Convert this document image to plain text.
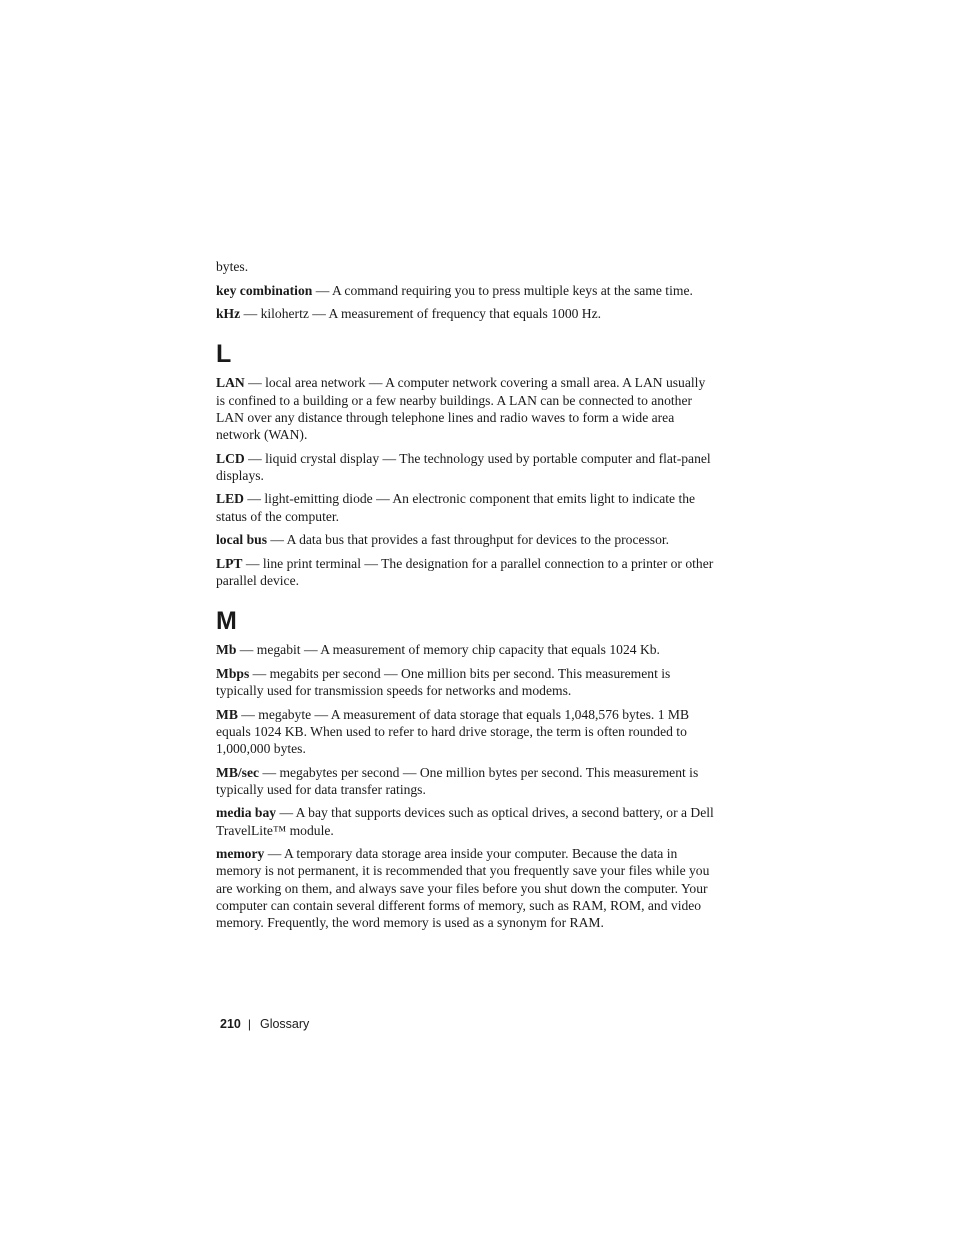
bytes.

key combination — A command requiring you to press multiple keys at the same time.

kHz — kilohertz — A measurement of frequency that equals 1000 Hz.

L

LAN — local area network — A computer network covering a small area. A LAN usually is confined to a building or a few nearby buildings. A LAN can be connected to another LAN over any distance through telephone lines and radio waves to form a wide area network (WAN).

LCD — liquid crystal display — The technology used by portable computer and flat-panel displays.

LED — light-emitting diode — An electronic component that emits light to indicate the status of the computer.

local bus — A data bus that provides a fast throughput for devices to the processor.

LPT — line print terminal — The designation for a parallel connection to a printer or other parallel device.

M

Mb — megabit — A measurement of memory chip capacity that equals 1024 Kb.

Mbps — megabits per second — One million bits per second. This measurement is typically used for transmission speeds for networks and modems.

MB — megabyte — A measurement of data storage that equals 1,048,576 bytes. 1 MB equals 1024 KB. When used to refer to hard drive storage, the term is often rounded to 1,000,000 bytes.

MB/sec — megabytes per second — One million bytes per second. This measurement is typically used for data transfer ratings.

media bay — A bay that supports devices such as optical drives, a second battery, or a Dell TravelLite™ module.

memory — A temporary data storage area inside your computer. Because the data in memory is not permanent, it is recommended that you frequently save your files while you are working on them, and always save your files before you shut down the computer. Your computer can contain several different forms of memory, such as RAM, ROM, and video memory. Frequently, the word memory is used as a synonym for RAM.

210 | Glossary
